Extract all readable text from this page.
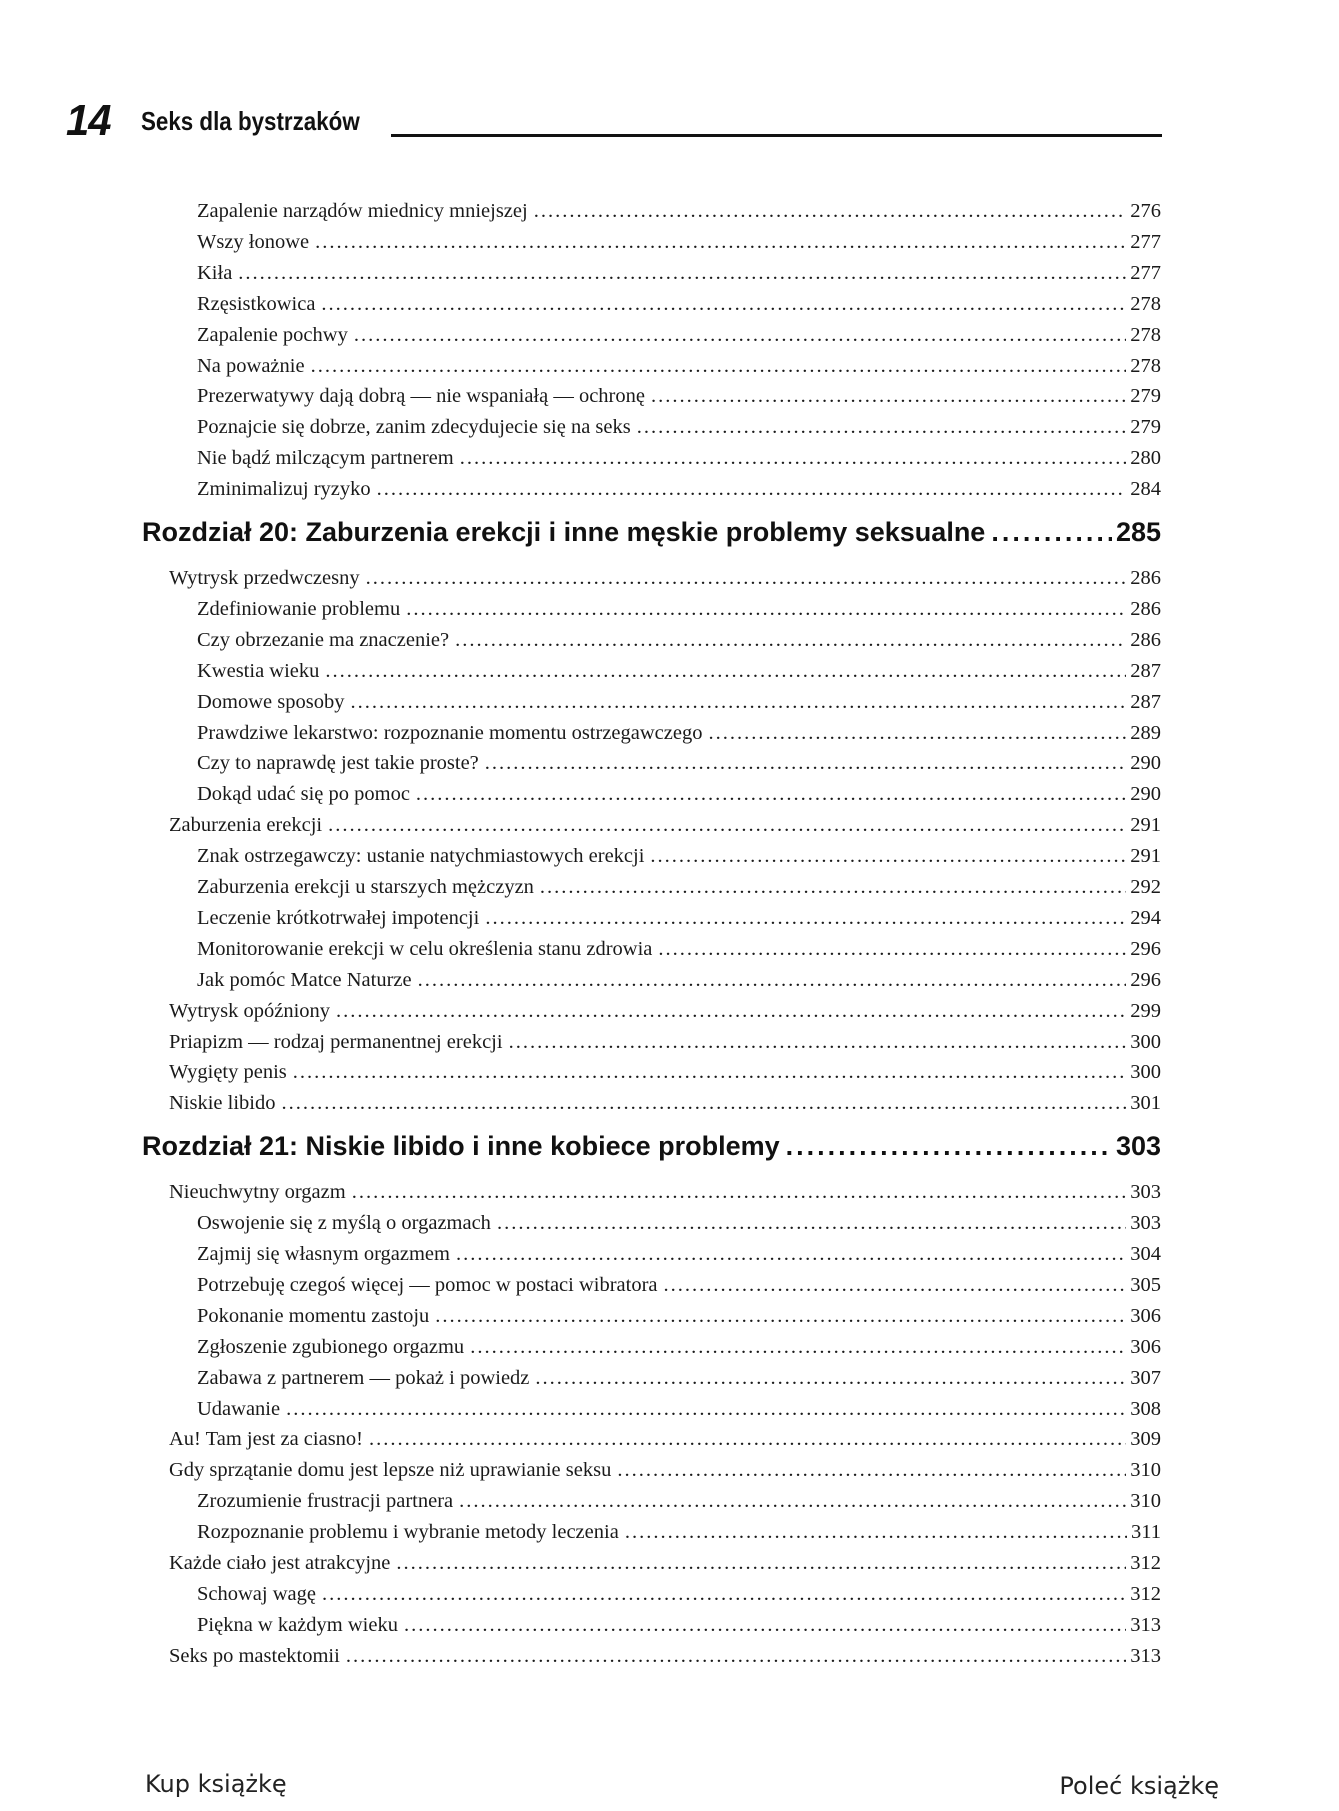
14 Seks dla bystrzaków
Zapalenie narządów miednicy mniejszej .....	276
Wszy łonowe .....	277
Kiła .....	277
Rzęsistkowica .....	278
Zapalenie pochwy .....	278
Na poważnie .....	278
Prezerwatywy dają dobrą — nie wspaniałą — ochronę .....	279
Poznajcie się dobrze, zanim zdecydujecie się na seks .....	279
Nie bądź milczącym partnerem .....	280
Zminimalizuj ryzyko .....	284
Rozdział 20: Zaburzenia erekcji i inne męskie problemy seksualne .....	285
Wytrysk przedwczesny .....	286
Zdefiniowanie problemu .....	286
Czy obrzezanie ma znaczenie? .....	286
Kwestia wieku .....	287
Domowe sposoby .....	287
Prawdziwe lekarstwo: rozpoznanie momentu ostrzegawczego .....	289
Czy to naprawdę jest takie proste? .....	290
Dokąd udać się po pomoc .....	290
Zaburzenia erekcji .....	291
Znak ostrzegawczy: ustanie natychmiastowych erekcji .....	291
Zaburzenia erekcji u starszych mężczyzn .....	292
Leczenie krótkotrwałej impotencji .....	294
Monitorowanie erekcji w celu określenia stanu zdrowia .....	296
Jak pomóc Matce Naturze .....	296
Wytrysk opóźniony .....	299
Priapizm — rodzaj permanentnej erekcji .....	300
Wygięty penis .....	300
Niskie libido .....	301
Rozdział 21: Niskie libido i inne kobiece problemy .....	303
Nieuchwytny orgazm .....	303
Oswojenie się z myślą o orgazmach .....	303
Zajmij się własnym orgazmem .....	304
Potrzebuję czegoś więcej — pomoc w postaci wibratora .....	305
Pokonanie momentu zastoju .....	306
Zgłoszenie zgubionego orgazmu .....	306
Zabawa z partnerem — pokaż i powiedz .....	307
Udawanie .....	308
Au! Tam jest za ciasno! .....	309
Gdy sprzątanie domu jest lepsze niż uprawianie seksu .....	310
Zrozumienie frustracji partnera .....	310
Rozpoznanie problemu i wybranie metody leczenia .....	311
Każde ciało jest atrakcyjne .....	312
Schowaj wagę .....	312
Piękna w każdym wieku .....	313
Seks po mastektomii .....	313
Kup książkę	Poleć książkę
